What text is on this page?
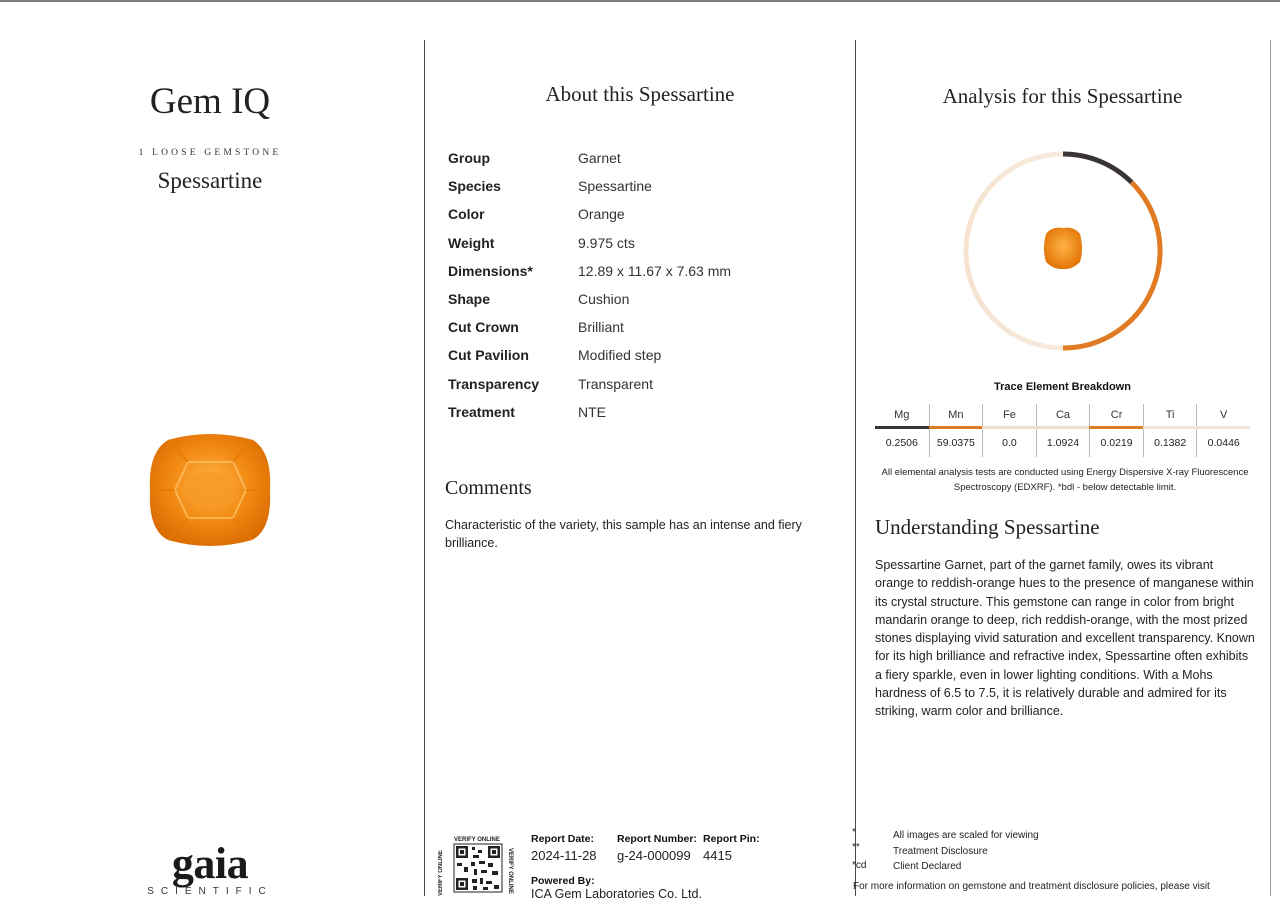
Gem IQ
1 LOOSE GEMSTONE
Spessartine
gaia
SCIENTIFIC
About this Spessartine
Group	Garnet
Species	Spessartine
Color	Orange
Weight	9.975 cts
Dimensions*	12.89 x 11.67 x 7.63 mm
Shape	Cushion
Cut Crown	Brilliant
Cut Pavilion	Modified step
Transparency	Transparent
Treatment	NTE
Comments
Characteristic of the variety, this sample has an intense and fiery brilliance.
Analysis for this Spessartine
Trace Element Breakdown
Mg	Mn	Fe	Ca	Cr	Ti	V
0.2506	59.0375	0.0	1.0924	0.0219	0.1382	0.0446
All elemental analysis tests are conducted using Energy Dispersive X-ray Fluorescence Spectroscopy (EDXRF). *bdl - below detectable limit.
Understanding Spessartine
Spessartine Garnet, part of the garnet family, owes its vibrant orange to reddish-orange hues to the presence of manganese within its crystal structure. This gemstone can range in color from bright mandarin orange to deep, rich reddish-orange, with the most prized stones displaying vivid saturation and excellent transparency. Known for its high brilliance and refractive index, Spessartine often exhibits a fiery sparkle, even in lower lighting conditions. With a Mohs hardness of 6.5 to 7.5, it is relatively durable and admired for its striking, warm color and brilliance.
VERIFY ONLINE
VERIFY ONLINE	VERIFY ONLINE
Report Date:
2024-11-28
Report Number:
g-24-000099
Report Pin:
4415
Powered By:
ICA Gem Laboratories Co. Ltd.
*	All images are scaled for viewing
**	Treatment Disclosure
*cd	Client Declared
For more information on gemstone and treatment disclosure policies, please visit
